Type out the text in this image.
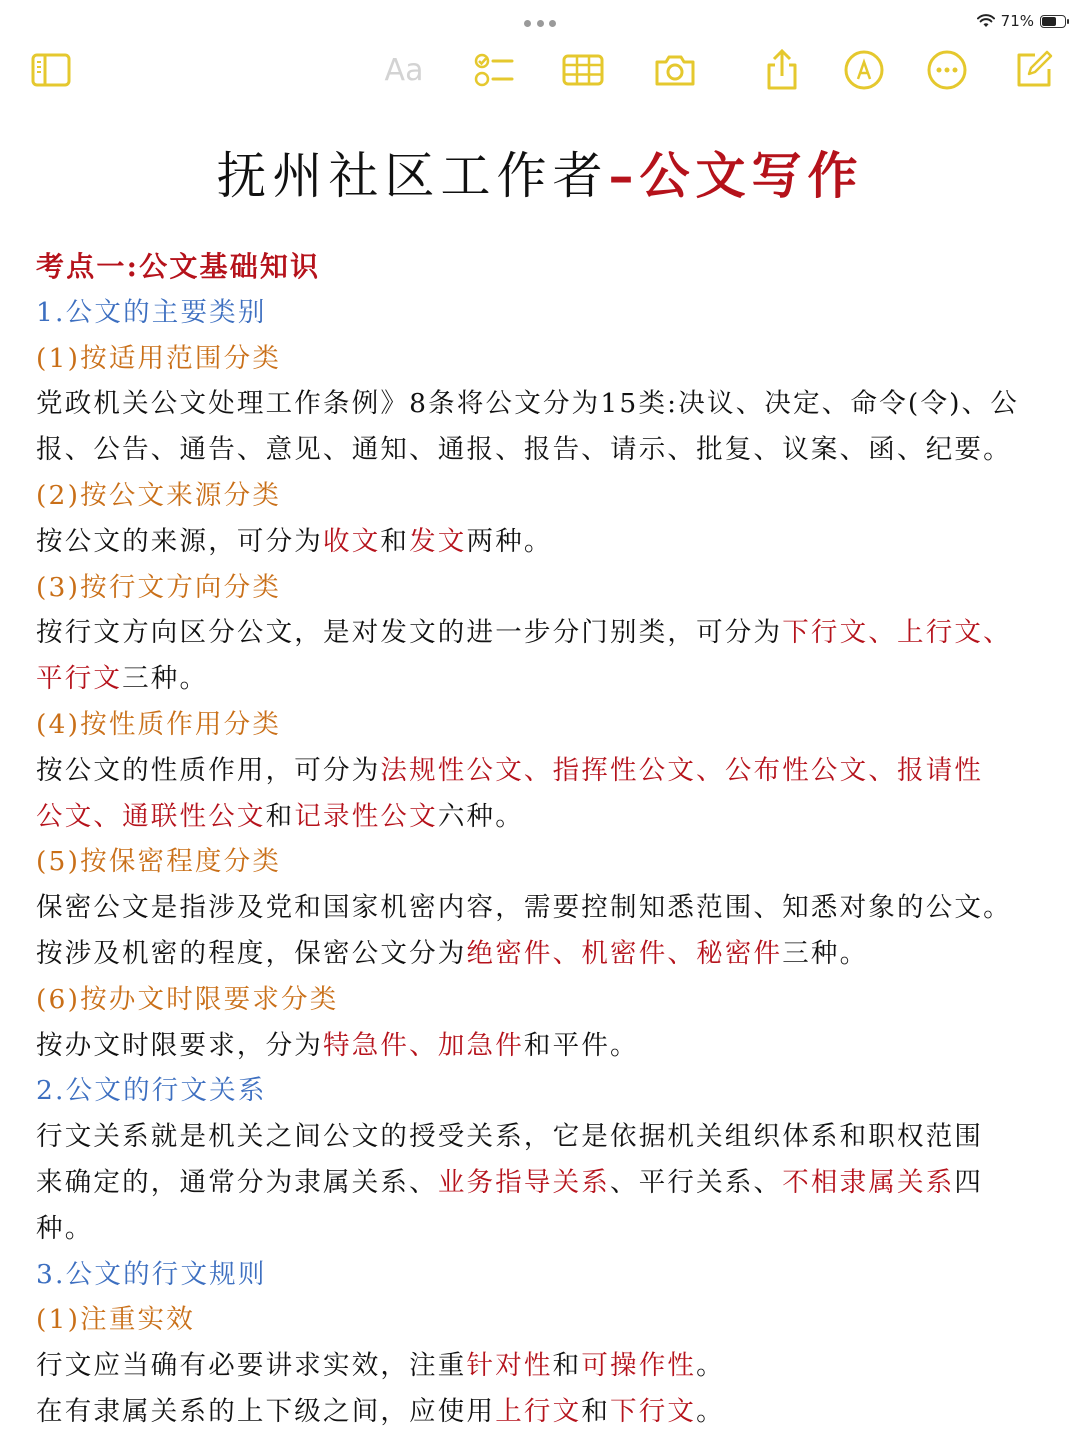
71%
Aa
抚州社区工作者–公文写作
考点一:公文基础知识
1.公文的主要类别
(1)按适用范围分类
党政机关公文处理工作条例》8条将公文分为15类:决议、决定、命令(令)、公
报、公告、通告、意见、通知、通报、报告、请示、批复、议案、函、纪要。
(2)按公文来源分类
按公文的来源，可分为收文和发文两种。
(3)按行文方向分类
按行文方向区分公文，是对发文的进一步分门别类，可分为下行文、上行文、
平行文三种。
(4)按性质作用分类
按公文的性质作用，可分为法规性公文、指挥性公文、公布性公文、报请性
公文、通联性公文和记录性公文六种。
(5)按保密程度分类
保密公文是指涉及党和国家机密内容，需要控制知悉范围、知悉对象的公文。
按涉及机密的程度，保密公文分为绝密件、机密件、秘密件三种。
(6)按办文时限要求分类
按办文时限要求，分为特急件、加急件和平件。
2.公文的行文关系
行文关系就是机关之间公文的授受关系，它是依据机关组织体系和职权范围
来确定的，通常分为隶属关系、业务指导关系、平行关系、不相隶属关系四
种。
3.公文的行文规则
(1)注重实效
行文应当确有必要讲求实效，注重针对性和可操作性。
在有隶属关系的上下级之间，应使用上行文和下行文。
